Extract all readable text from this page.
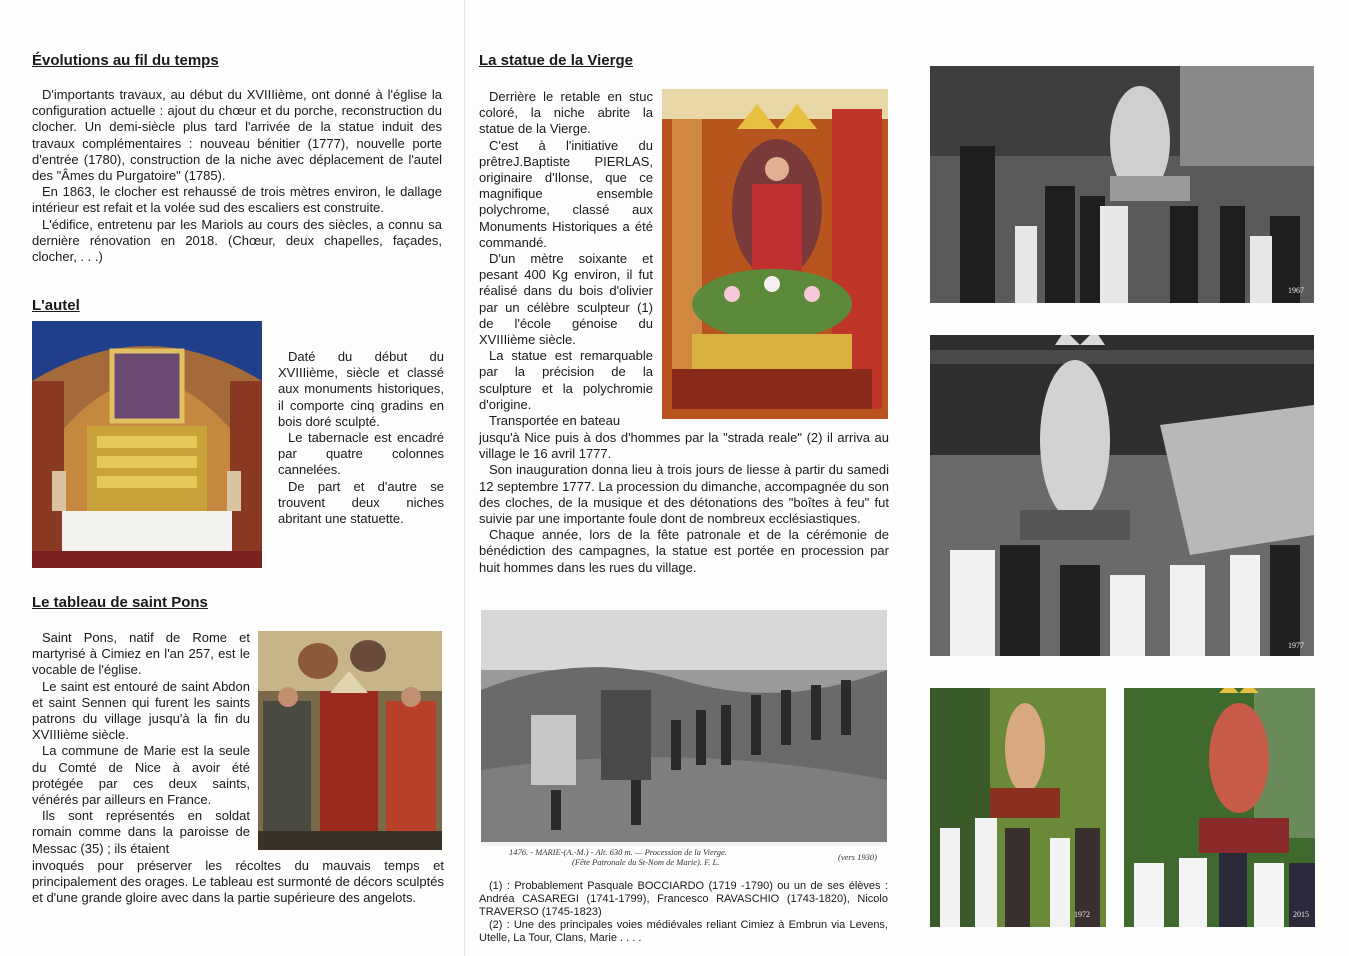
Évolutions au fil du temps

D'importants travaux, au début du XVIIIième, ont donné à l'église la configuration actuelle : ajout du chœur et du porche, reconstruction du clocher. Un demi-siècle plus tard l'arrivée de la statue induit des travaux complémentaires : nouveau bénitier (1777), nouvelle porte d'entrée (1780), construction de la niche avec déplacement de l'autel des "Âmes du Purgatoire" (1785).

En 1863, le clocher est rehaussé de trois mètres environ, le dallage intérieur est refait et la volée sud des escaliers est construite.

L'édifice, entretenu par les Mariols au cours des siècles, a connu sa dernière rénovation en 2018. (Chœur, deux chapelles, façades, clocher, . . .)

L'autel

Daté du début du XVIIIième, siècle et classé aux monuments historiques, il comporte cinq gradins en bois doré sculpté.

Le tabernacle est encadré par quatre colonnes cannelées.

De part et d'autre se trouvent deux niches abritant une statuette.

Le tableau de saint Pons

Saint Pons, natif de Rome et martyrisé à Cimiez en l'an 257, est le vocable de l'église.

Le saint est entouré de saint Abdon et saint Sennen qui furent les saints patrons du village jusqu'à la fin du XVIIIième siècle.

La commune de Marie est la seule du Comté de Nice à avoir été protégée par ces deux saints, vénérés par ailleurs en France.

Ils sont représentés en soldat romain comme dans la paroisse de Messac (35) ; ils étaient

invoqués pour préserver les récoltes du mauvais temps et principalement des orages. Le tableau est surmonté de décors sculptés et d'une grande gloire avec dans la partie supérieure des angelots.

La statue de la Vierge

Derrière le retable en stuc coloré, la niche abrite la statue de la Vierge.

C'est à l'initiative du prêtreJ.Baptiste PIERLAS, originaire d'Ilonse, que ce magnifique ensemble polychrome, classé aux Monuments Historiques a été commandé.

D'un mètre soixante et pesant 400 Kg environ, il fut réalisé dans du bois d'olivier par un célèbre sculpteur (1) de l'école génoise du XVIIIième siècle.

La statue est remarquable par la précision de la sculpture et la polychromie d'origine.

Transportée en bateau

jusqu'à Nice puis à dos d'hommes par la "strada reale" (2) il arriva au village le 16 avril 1777.

Son inauguration donna lieu à trois jours de liesse à partir du samedi 12 septembre 1777. La procession du dimanche, accompagnée du son des cloches, de la musique et des détonations des "boîtes à feu" fut suivie par une importante foule dont de nombreux ecclésiastiques.

Chaque année, lors de la fête patronale et de la cérémonie de bénédiction des campagnes, la statue est portée en procession par huit hommes dans les rues du village.

1476. - MARIE-(A.-M.) - Alt. 630 m. — Procession de la Vierge.
(Fête Patronale du St-Nom de Marie). F. L.	(vers 1930)

(1) : Probablement Pasquale BOCCIARDO (1719 -1790) ou un de ses élèves : Andréa CASAREGI (1741-1799), Francesco RAVASCHIO (1743-1820), Nicolo TRAVERSO (1745-1823)

(2) : Une des principales voies médiévales reliant Cimiez à Embrun via Levens, Utelle, La Tour, Clans, Marie . . . .

1967
1977
1972	2015
